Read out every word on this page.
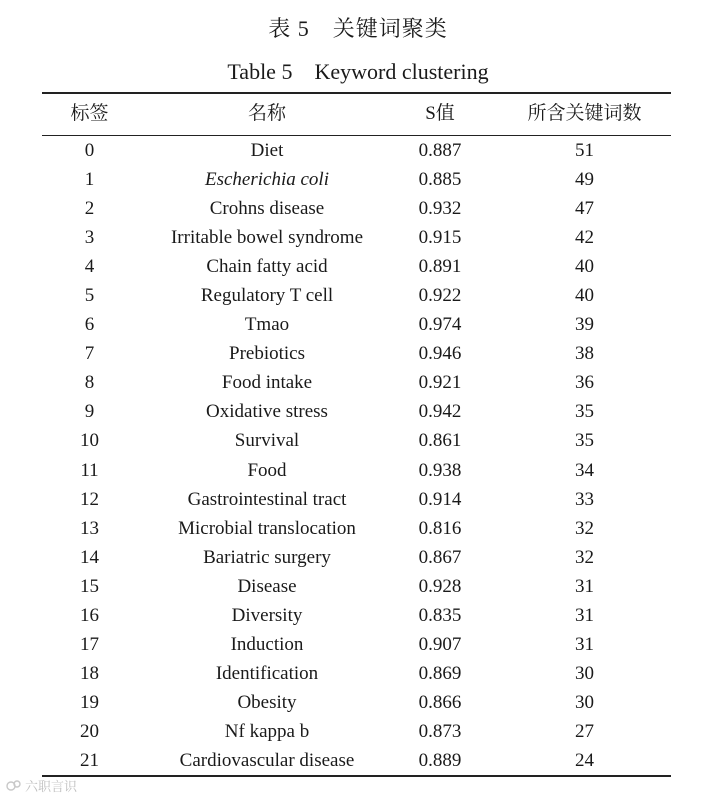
表 5　关键词聚类
Table 5　Keyword clustering
标签	名称	S值	所含关键词数
0	Diet	0.887	51
1	Escherichia coli	0.885	49
2	Crohns disease	0.932	47
3	Irritable bowel syndrome	0.915	42
4	Chain fatty acid	0.891	40
5	Regulatory T cell	0.922	40
6	Tmao	0.974	39
7	Prebiotics	0.946	38
8	Food intake	0.921	36
9	Oxidative stress	0.942	35
10	Survival	0.861	35
11	Food	0.938	34
12	Gastrointestinal tract	0.914	33
13	Microbial translocation	0.816	32
14	Bariatric surgery	0.867	32
15	Disease	0.928	31
16	Diversity	0.835	31
17	Induction	0.907	31
18	Identification	0.869	30
19	Obesity	0.866	30
20	Nf kappa b	0.873	27
21	Cardiovascular disease	0.889	24
六职言识
